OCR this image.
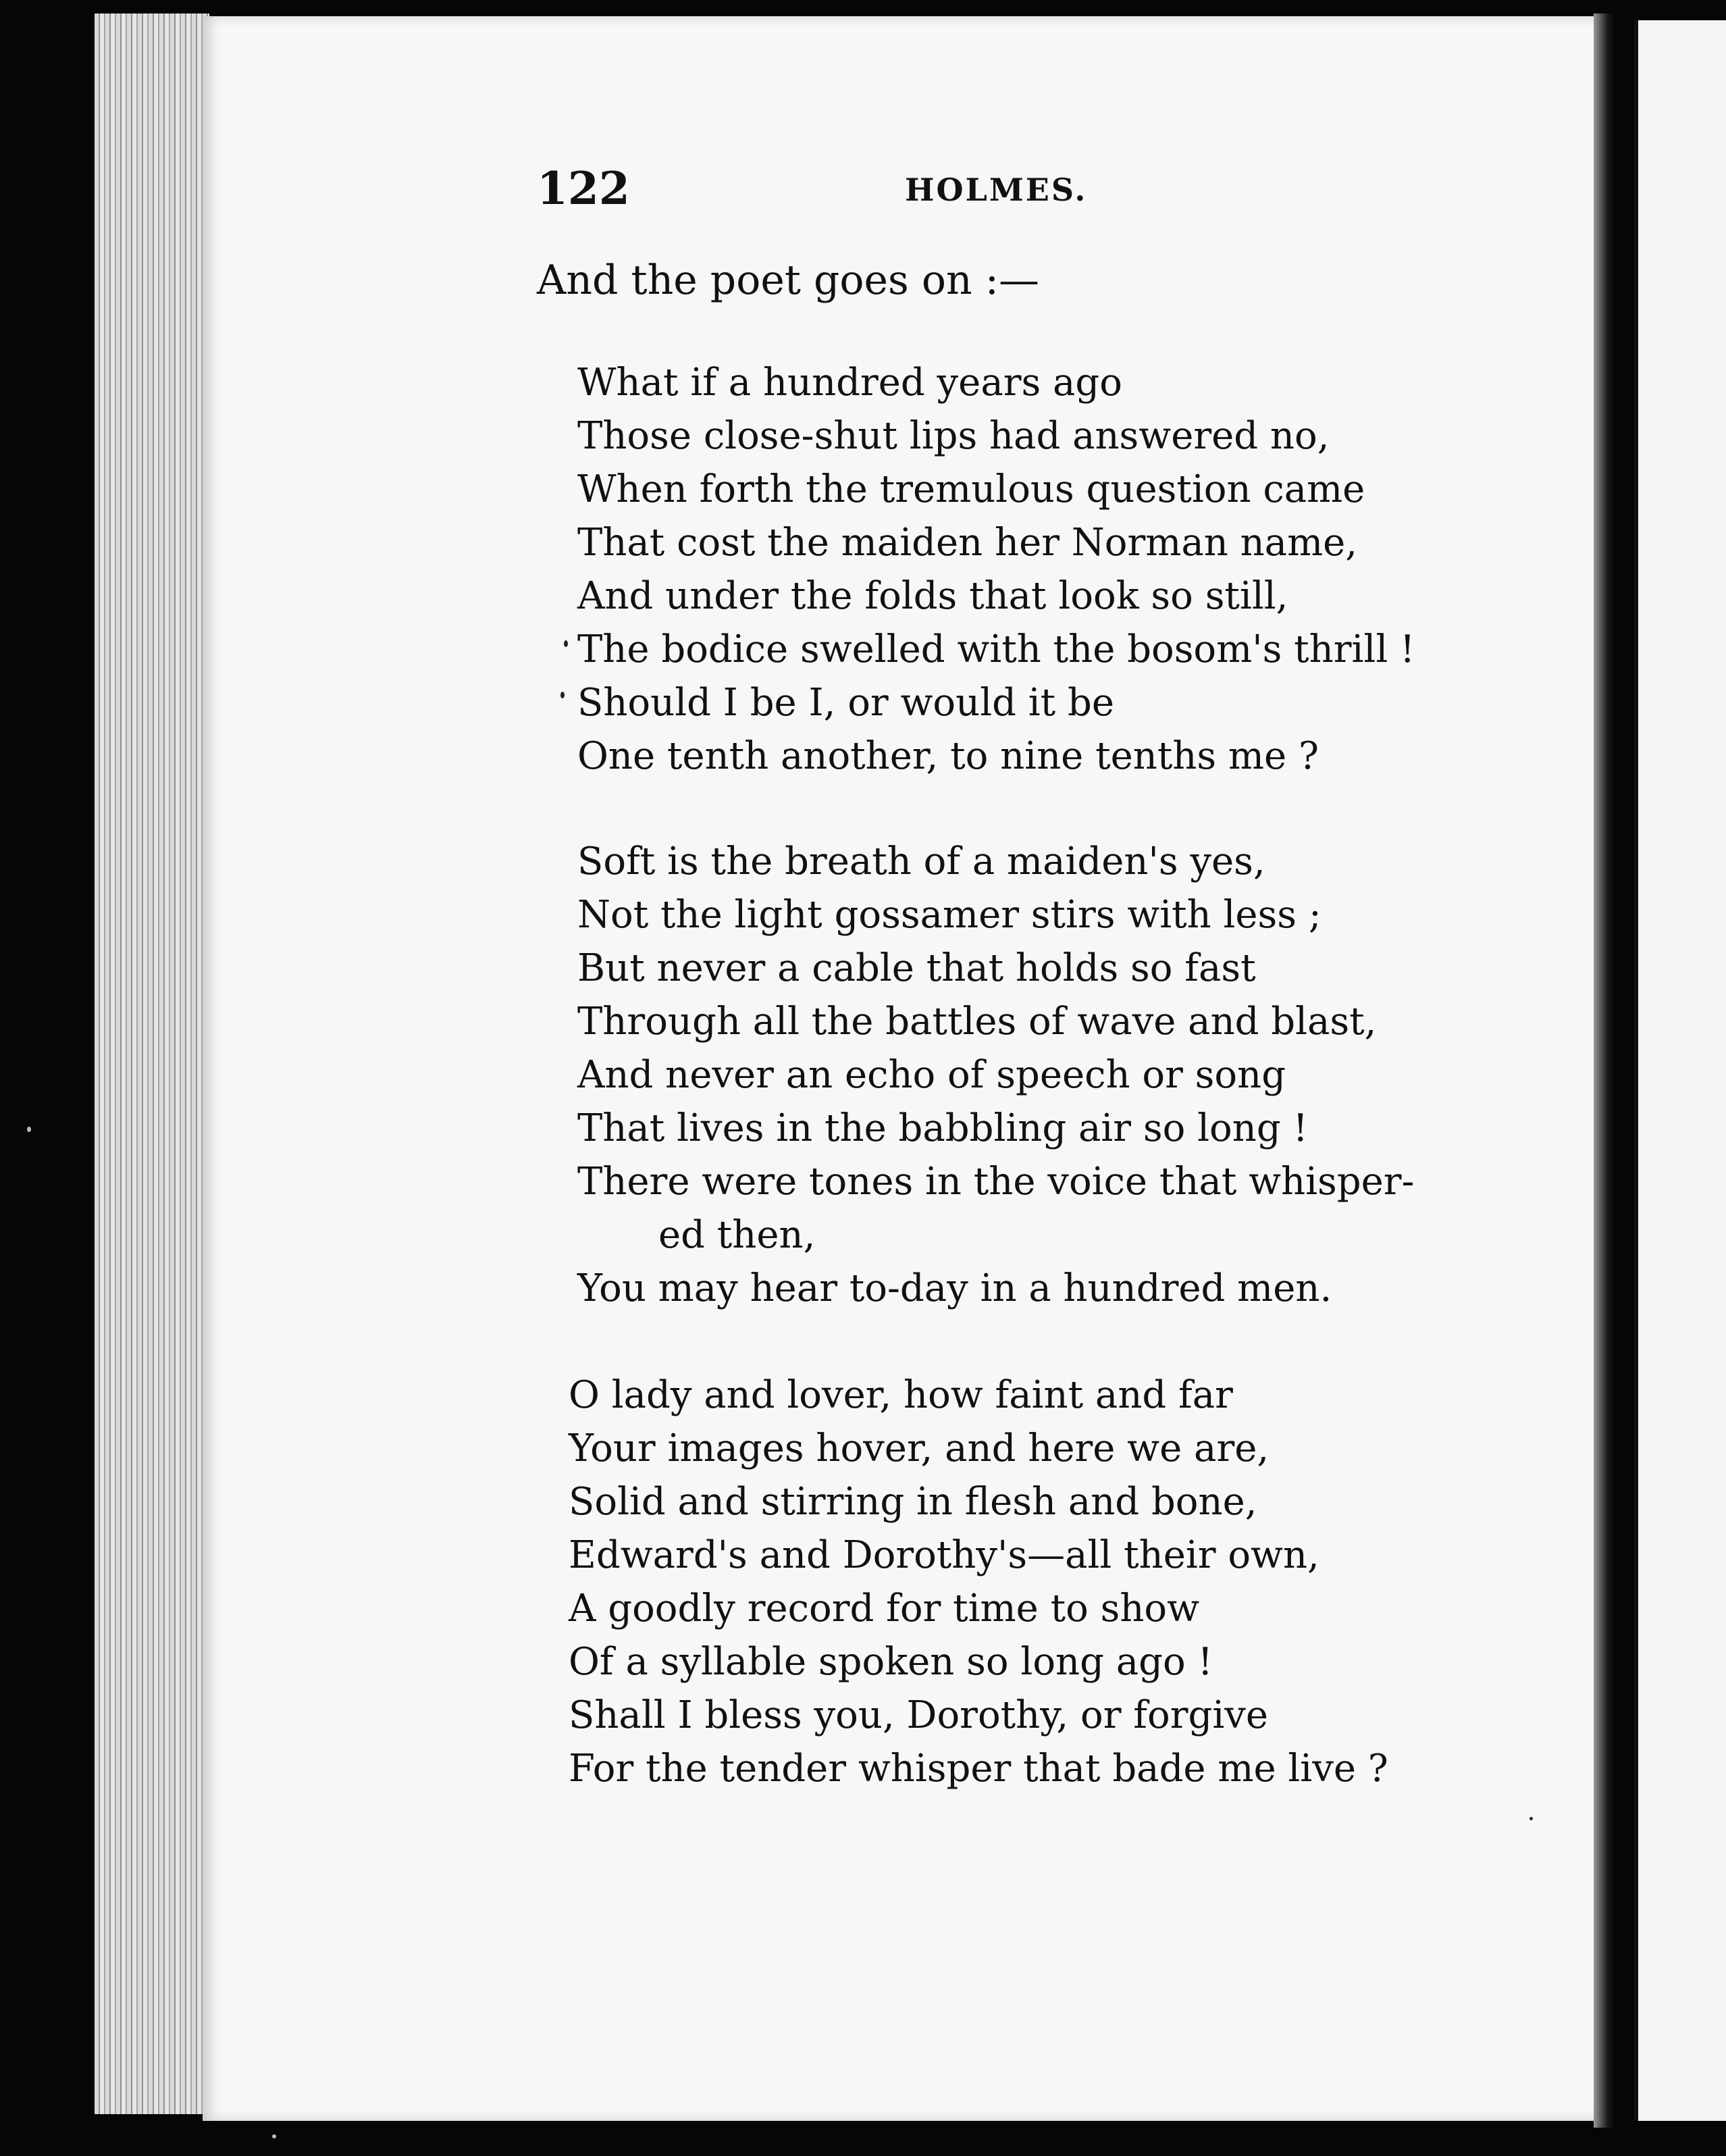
122	HOLMES.
And the poet goes on :—
What if a hundred years ago
Those close-shut lips had answered no,
When forth the tremulous question came
That cost the maiden her Norman name,
And under the folds that look so still,
The bodice swelled with the bosom's thrill !
Should I be I, or would it be
One tenth another, to nine tenths me ?
Soft is the breath of a maiden's yes,
Not the light gossamer stirs with less ;
But never a cable that holds so fast
Through all the battles of wave and blast,
And never an echo of speech or song
That lives in the babbling air so long !
There were tones in the voice that whisper-
ed then,
You may hear to-day in a hundred men.
O lady and lover, how faint and far
Your images hover, and here we are,
Solid and stirring in flesh and bone,
Edward's and Dorothy's—all their own,
A goodly record for time to show
Of a syllable spoken so long ago !
Shall I bless you, Dorothy, or forgive
For the tender whisper that bade me live ?
